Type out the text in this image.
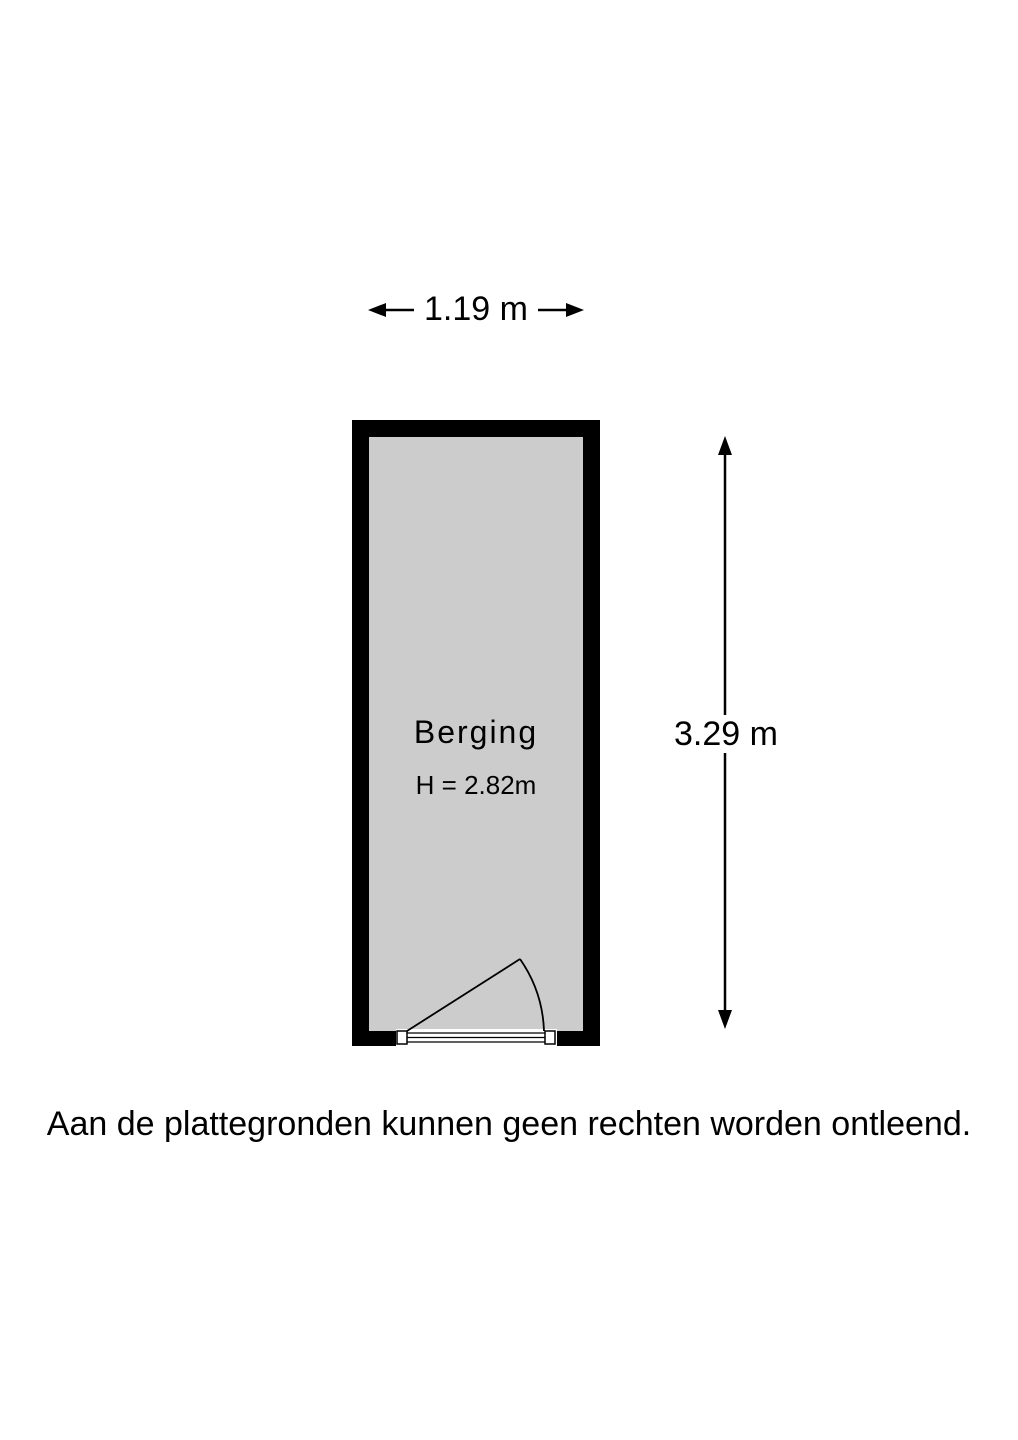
1.19 m
3.29 m
Berging
H = 2.82m
Aan de plattegronden kunnen geen rechten worden ontleend.
